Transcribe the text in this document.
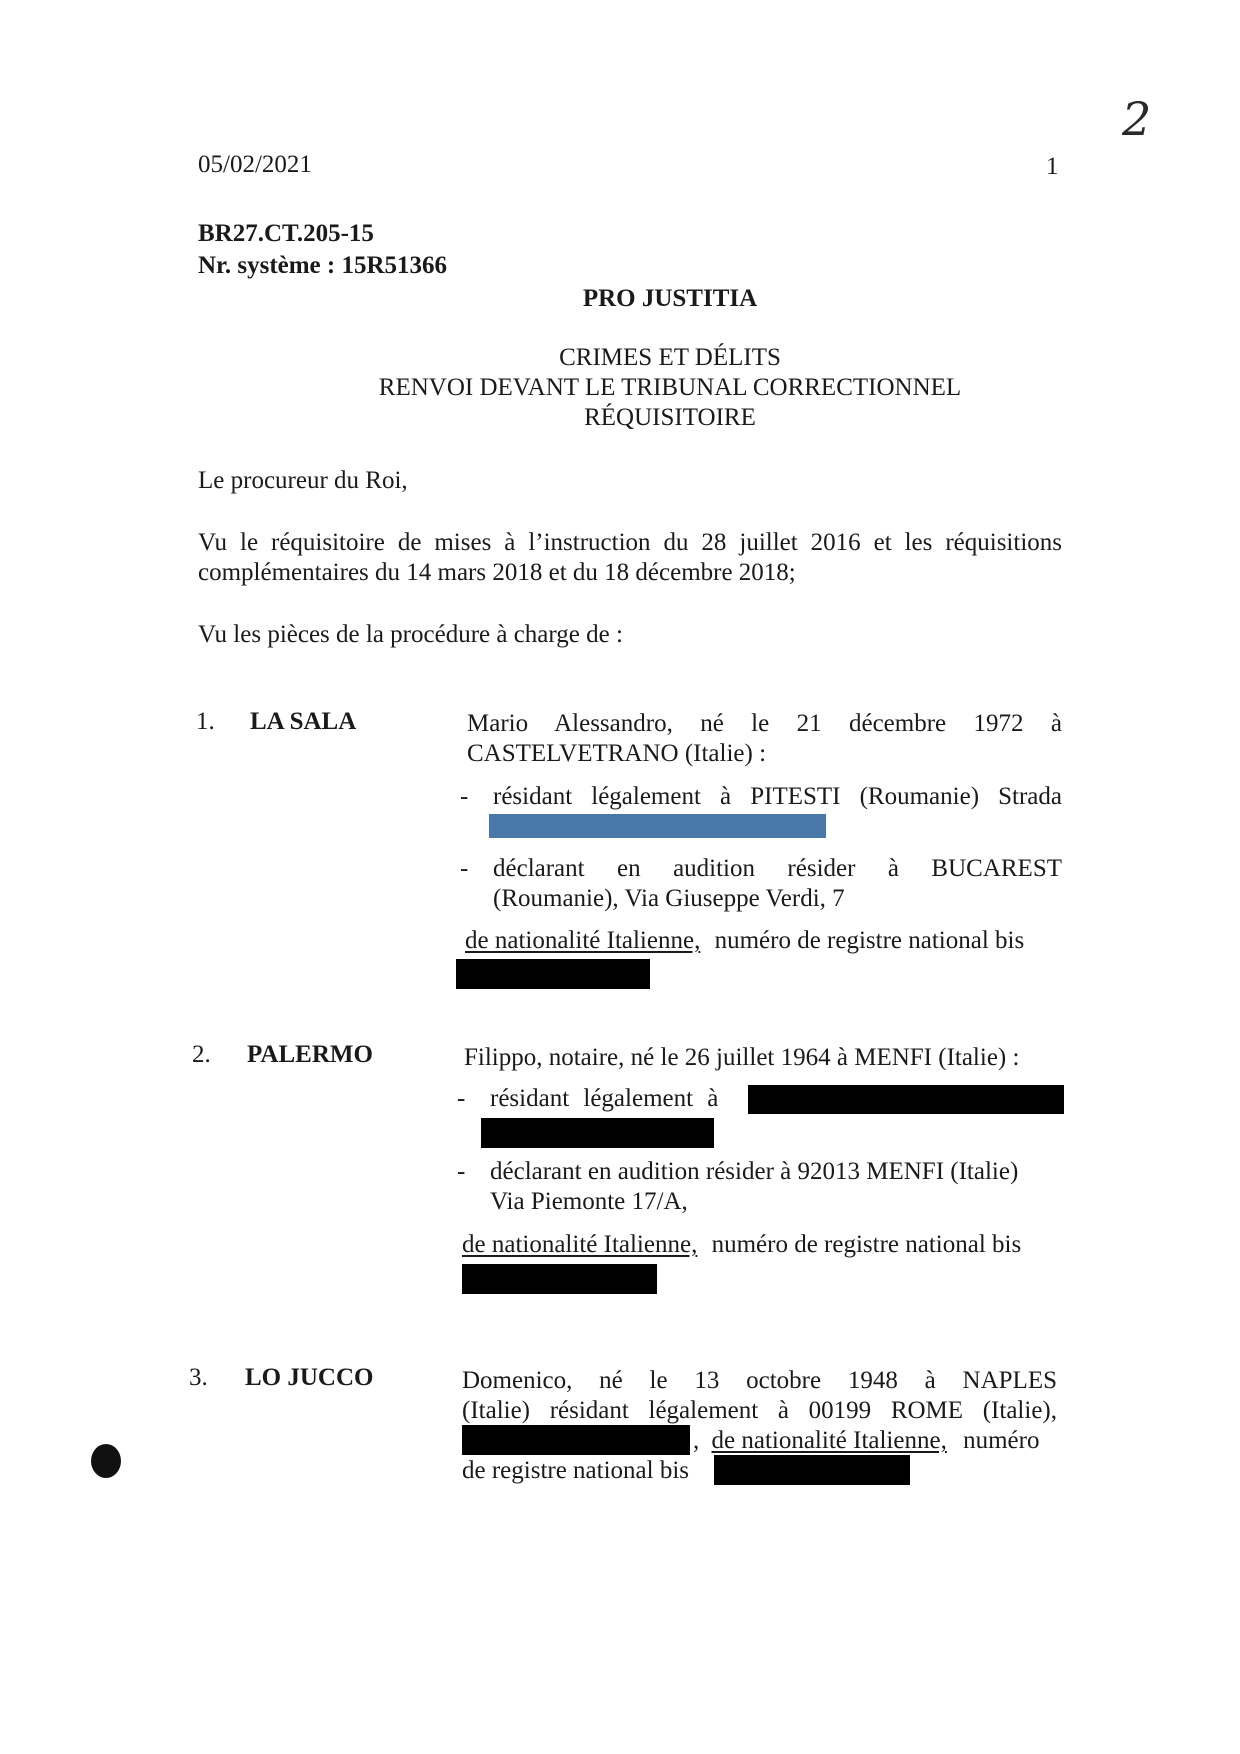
2
05/02/2021	1
BR27.CT.205-15
Nr. système : 15R51366
PRO JUSTITIA
CRIMES ET DÉLITS
RENVOI DEVANT LE TRIBUNAL CORRECTIONNEL
RÉQUISITOIRE
Le procureur du Roi,
Vu le réquisitoire de mises à l’instruction du 28 juillet 2016 et les réquisitions
complémentaires du 14 mars 2018 et du 18 décembre 2018;
Vu les pièces de la procédure à charge de :
1. LA SALA	Mario Alessandro, né le 21 décembre 1972 à
CASTELVETRANO (Italie) :
- résidant légalement à PITESTI (Roumanie) Strada
- déclarant en audition résider à BUCAREST
(Roumanie), Via Giuseppe Verdi, 7
de nationalité Italienne, numéro de registre national bis
2. PALERMO	Filippo, notaire, né le 26 juillet 1964 à MENFI (Italie) :
- résidant légalement à
- déclarant en audition résider à 92013 MENFI (Italie)
Via Piemonte 17/A,
de nationalité Italienne, numéro de registre national bis
3. LO JUCCO	Domenico, né le 13 octobre 1948 à NAPLES
(Italie) résidant légalement à 00199 ROME (Italie),
, de nationalité Italienne, numéro
de registre national bis
